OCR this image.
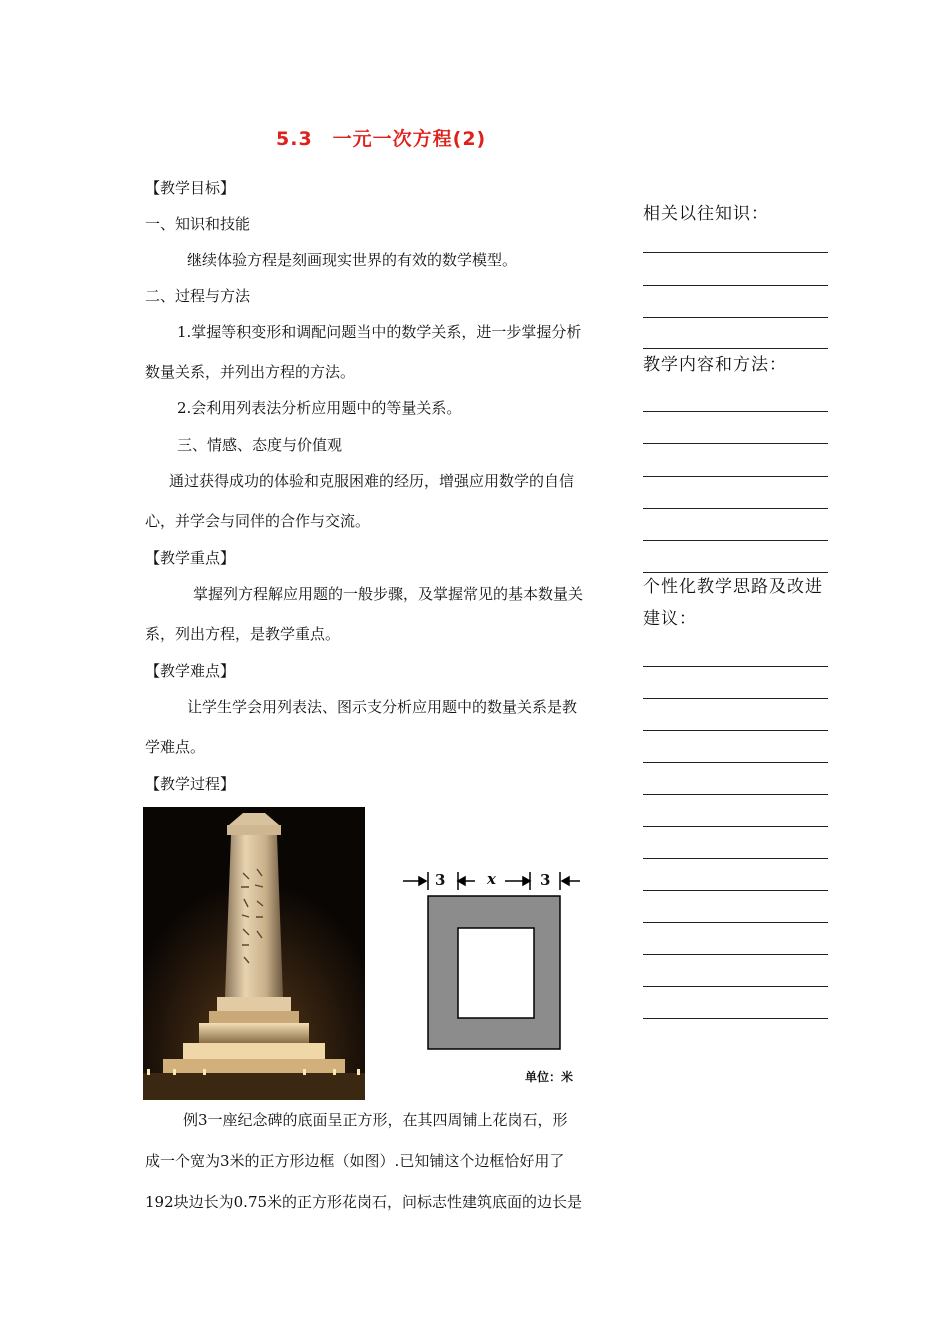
5.3　一元一次方程(2)
【教学目标】
一、知识和技能
继续体验方程是刻画现实世界的有效的数学模型。
二、过程与方法
1.掌握等积变形和调配问题当中的数学关系，进一步掌握分析
数量关系，并列出方程的方法。
2.会利用列表法分析应用题中的等量关系。
三、情感、态度与价值观
通过获得成功的体验和克服困难的经历，增强应用数学的自信
心，并学会与同伴的合作与交流。
【教学重点】
掌握列方程解应用题的一般步骤，及掌握常见的基本数量关
系，列出方程，是教学重点。
【教学难点】
让学生学会用列表法、图示支分析应用题中的数量关系是教
学难点。
【教学过程】
3	x	3
单位：米
例3一座纪念碑的底面呈正方形，在其四周铺上花岗石，形
成一个宽为3米的正方形边框（如图）.已知铺这个边框恰好用了
192块边长为0.75米的正方形花岗石，问标志性建筑底面的边长是
相关以往知识：
教学内容和方法：
个性化教学思路及改进
建议：
